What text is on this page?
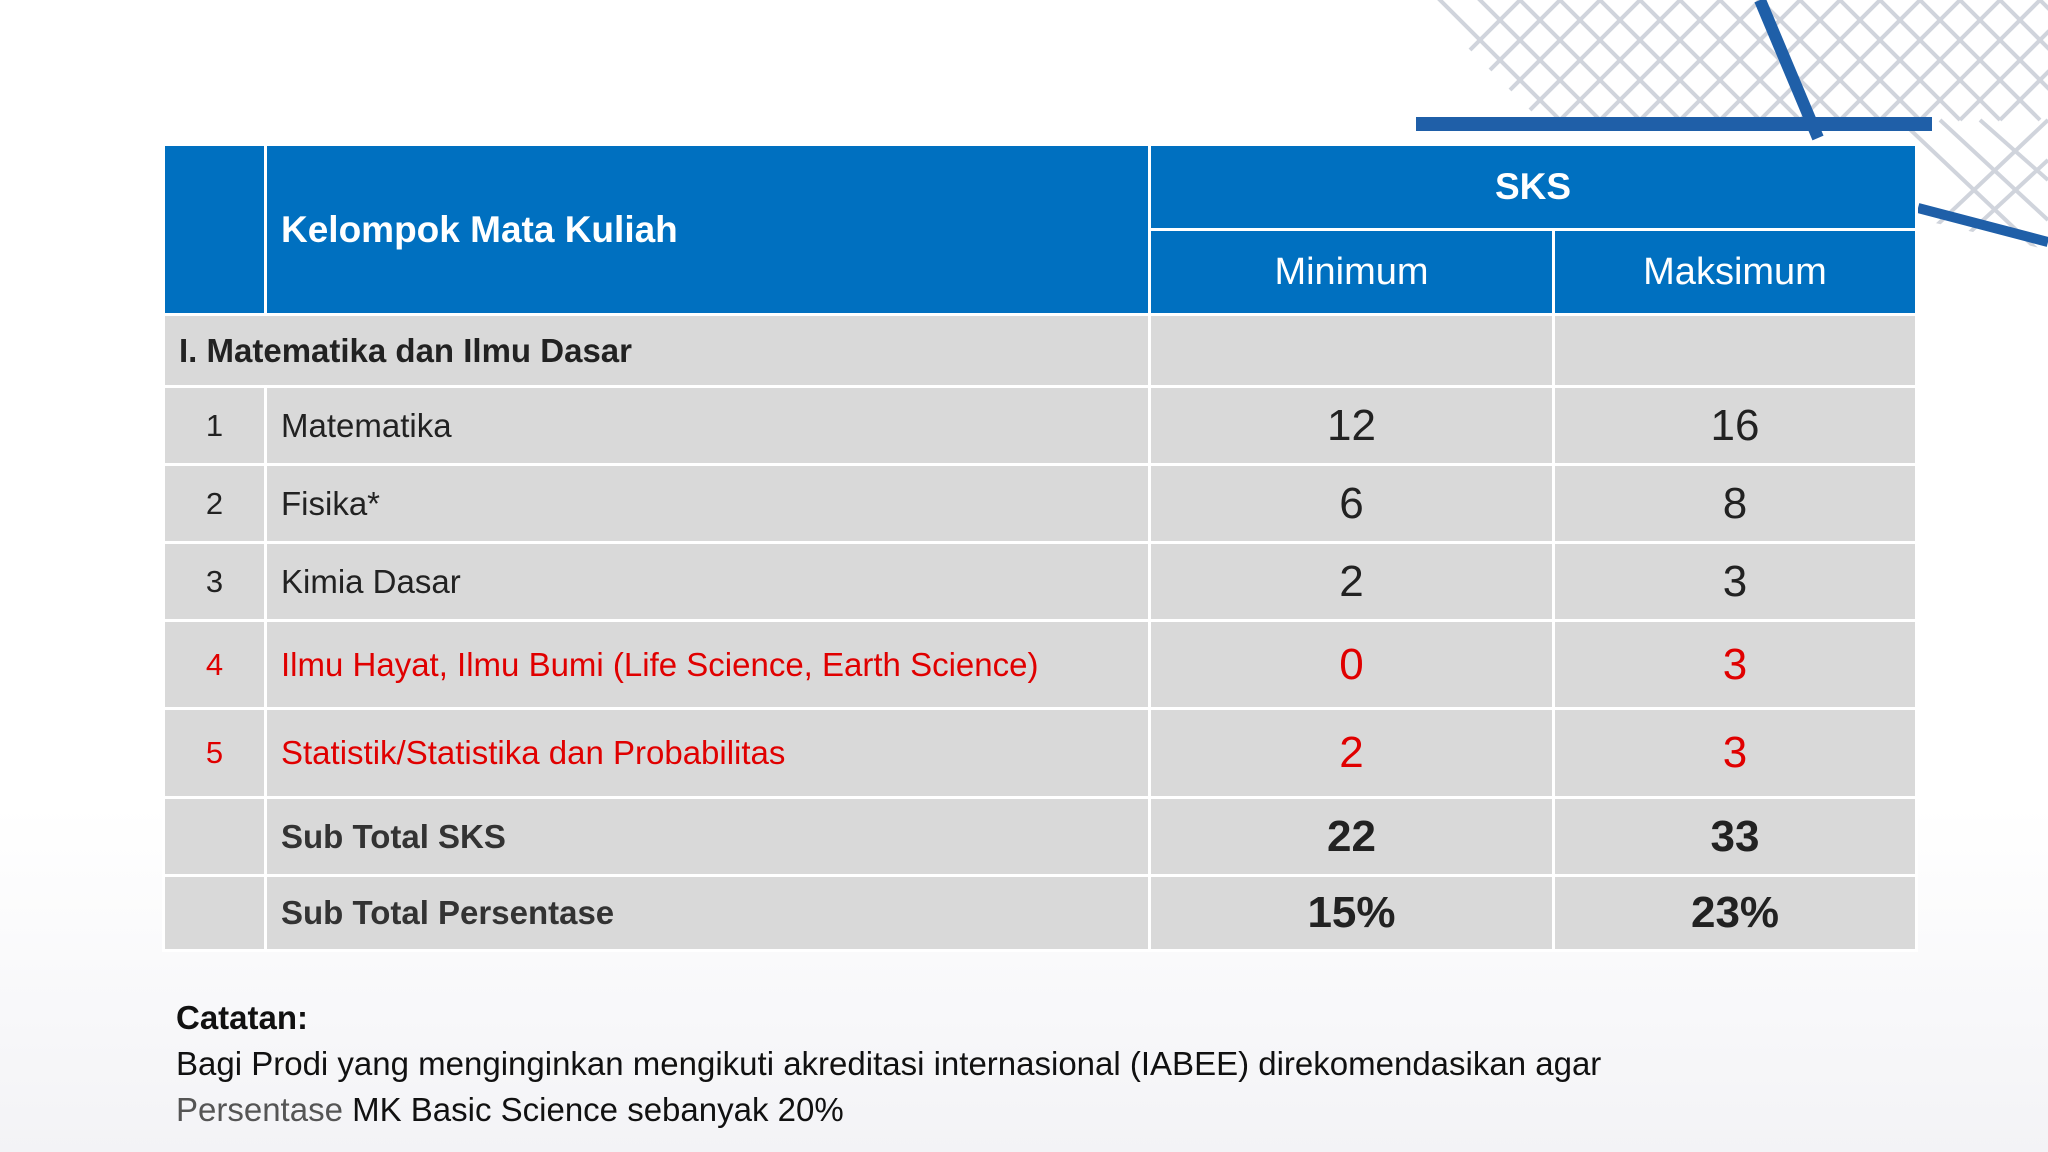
	Kelompok Mata Kuliah	SKS	
		Minimum	Maksimum
I. Matematika dan Ilmu Dasar			
1	Matematika	12	16
2	Fisika*	6	8
3	Kimia Dasar	2	3
4	Ilmu Hayat, Ilmu Bumi (Life Science, Earth Science)	0	3
5	Statistik/Statistika dan Probabilitas	2	3
	Sub Total SKS	22	33
	Sub Total Persentase	15%	23%
Catatan:
Bagi Prodi yang menginginkan mengikuti akreditasi internasional (IABEE) direkomendasikan agar
Persentase MK Basic Science sebanyak 20%
